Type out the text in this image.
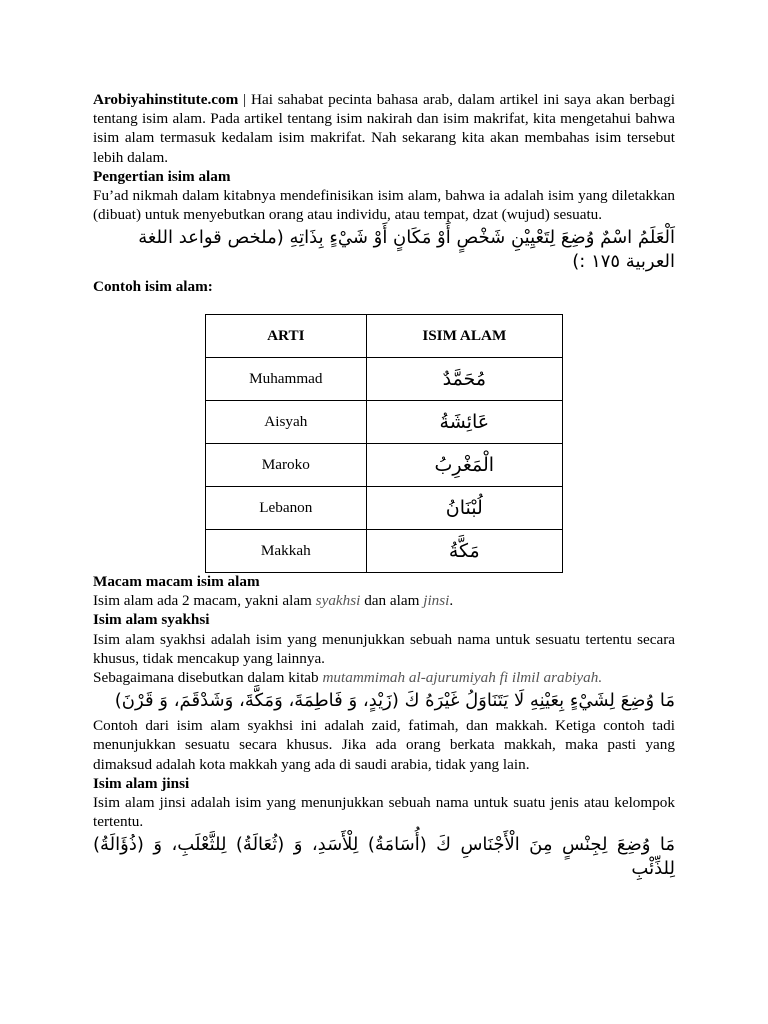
Arobiyahinstitute.com | Hai sahabat pecinta bahasa arab, dalam artikel ini saya akan berbagi tentang isim alam. Pada artikel tentang isim nakirah dan isim makrifat, kita mengetahui bahwa isim alam termasuk kedalam isim makrifat. Nah sekarang kita akan membahas isim tersebut lebih dalam.

Pengertian isim alam

Fu’ad nikmah dalam kitabnya mendefinisikan isim alam, bahwa ia adalah isim yang diletakkan (dibuat) untuk menyebutkan orang atau individu, atau tempat, dzat (wujud) sesuatu.

اَلْعَلَمُ اسْمٌ وُضِعَ لِتَعْيِيْنِ شَخْصٍ أَوْ مَكَانٍ أَوْ شَيْءٍ بِذَاتِهِ (ملخص قواعد اللغة العربية ١٧٥ :)

Contoh isim alam:

ARTI	ISIM ALAM
Muhammad	مُحَمَّدٌ
Aisyah	عَائِشَةُ
Maroko	الْمَغْرِبُ
Lebanon	لُبْنَانُ
Makkah	مَكَّةُ

Macam macam isim alam

Isim alam ada 2 macam, yakni alam syakhsi dan alam jinsi.

Isim alam syakhsi

Isim alam syakhsi adalah isim yang menunjukkan sebuah nama untuk sesuatu tertentu secara khusus, tidak mencakup yang lainnya.

Sebagaimana disebutkan dalam kitab mutammimah al-ajurumiyah fi ilmil arabiyah.

مَا وُضِعَ لِشَيْءٍ بِعَيْنِهِ لَا يَتَنَاوَلُ غَيْرَهُ كَ (زَيْدٍ، وَ فَاطِمَةَ، وَمَكَّةَ، وَشَدْقَمَ، وَ قَرْنَ)

Contoh dari isim alam syakhsi ini adalah zaid, fatimah, dan makkah. Ketiga contoh tadi menunjukkan sesuatu secara khusus. Jika ada orang berkata makkah, maka pasti yang dimaksud adalah kota makkah yang ada di saudi arabia, tidak yang lain.

Isim alam jinsi

Isim alam jinsi adalah isim yang menunjukkan sebuah nama untuk suatu jenis atau kelompok tertentu.

مَا وُضِعَ لِجِنْسٍ مِنَ الْأَجْنَاسِ كَ (أُسَامَةُ) لِلْأَسَدِ، وَ (ثُعَالَةُ) لِلثَّعْلَبِ، وَ (ذُؤَالَةُ) لِلذِّئْبِ
